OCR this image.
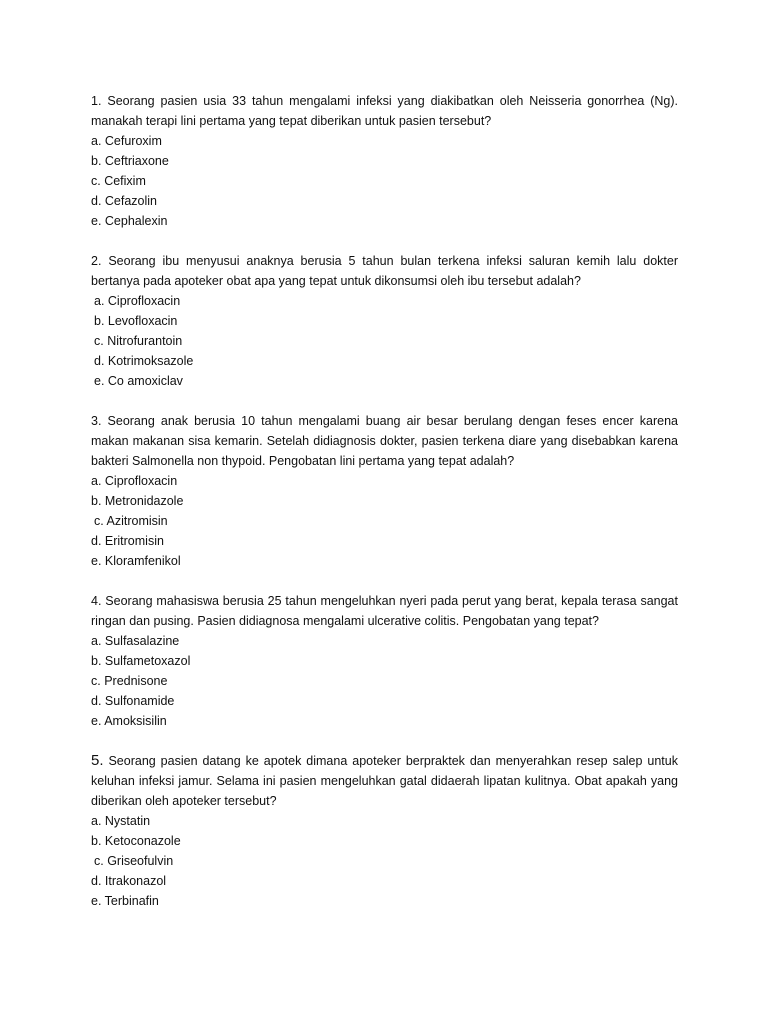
1. Seorang pasien usia 33 tahun mengalami infeksi yang diakibatkan oleh Neisseria gonorrhea (Ng). manakah terapi lini pertama yang tepat diberikan untuk pasien tersebut?

a. Cefuroxim
b. Ceftriaxone
c. Cefixim
d. Cefazolin
e. Cephalexin

2. Seorang ibu menyusui anaknya berusia 5 tahun bulan terkena infeksi saluran kemih lalu dokter bertanya pada apoteker obat apa yang tepat untuk dikonsumsi oleh ibu tersebut adalah?

a. Ciprofloxacin
b. Levofloxacin
c. Nitrofurantoin
d. Kotrimoksazole
e. Co amoxiclav

3. Seorang anak berusia 10 tahun mengalami buang air besar berulang dengan feses encer karena makan makanan sisa kemarin. Setelah didiagnosis dokter, pasien terkena diare yang disebabkan karena bakteri Salmonella non thypoid. Pengobatan lini pertama yang tepat adalah?

a. Ciprofloxacin
b. Metronidazole
c. Azitromisin
d. Eritromisin
e. Kloramfenikol

4. Seorang mahasiswa berusia 25 tahun mengeluhkan nyeri pada perut yang berat, kepala terasa sangat ringan dan pusing. Pasien didiagnosa mengalami ulcerative colitis. Pengobatan yang tepat?

a. Sulfasalazine
b. Sulfametoxazol
c. Prednisone
d. Sulfonamide
e. Amoksisilin

5. Seorang pasien datang ke apotek dimana apoteker berpraktek dan menyerahkan resep salep untuk keluhan infeksi jamur. Selama ini pasien mengeluhkan gatal didaerah lipatan kulitnya. Obat apakah yang diberikan oleh apoteker tersebut?

a. Nystatin
b. Ketoconazole
c. Griseofulvin
d. Itrakonazol
e. Terbinafin
